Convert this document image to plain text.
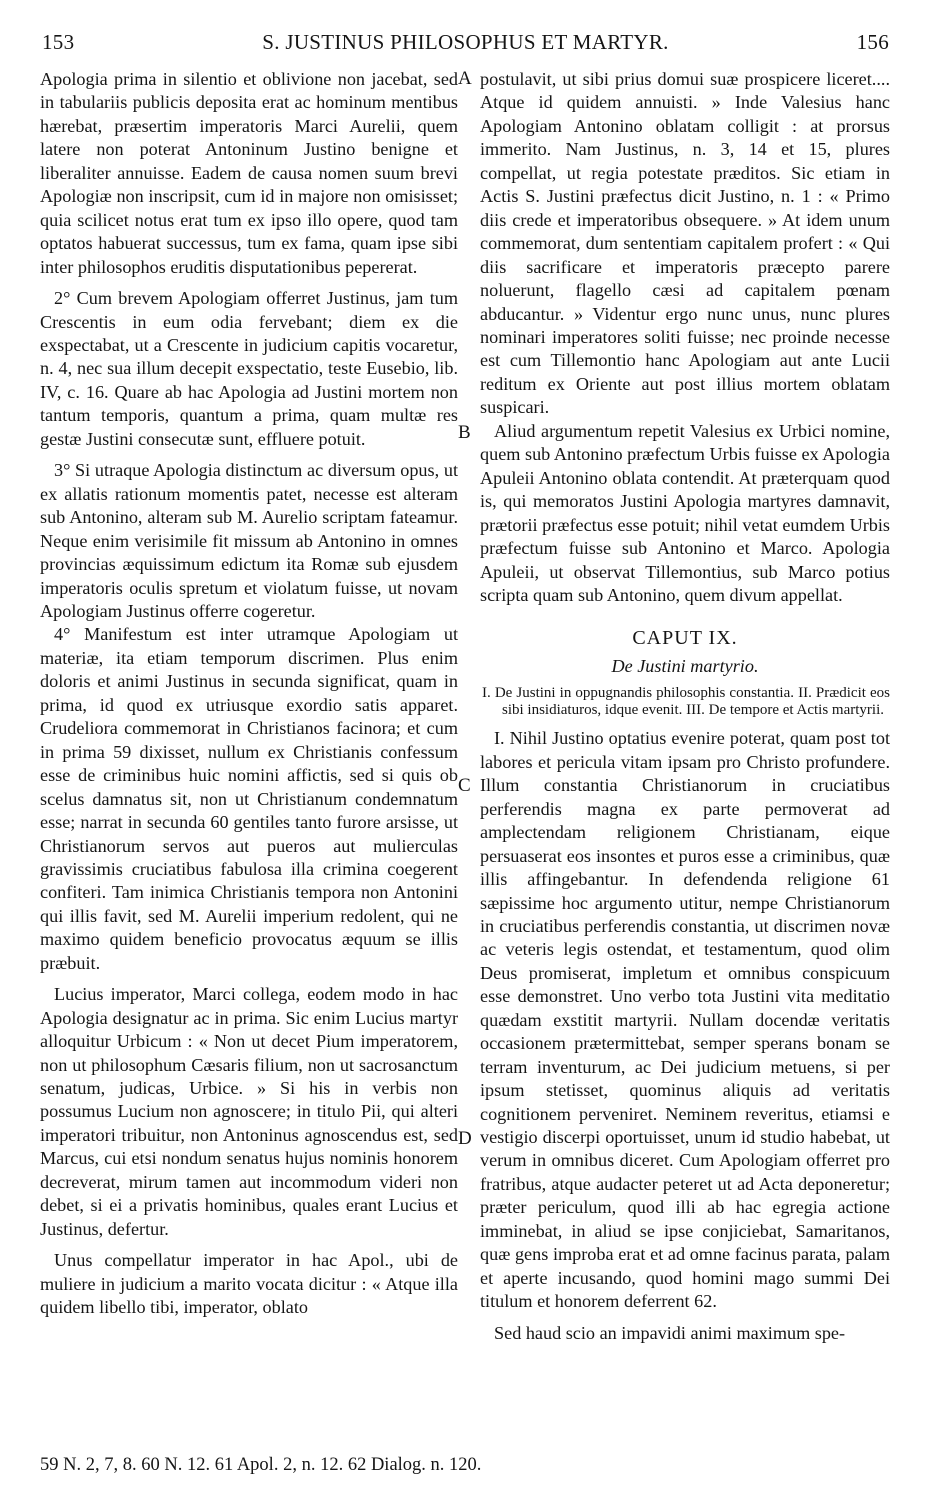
153	S. JUSTINUS PHILOSOPHUS ET MARTYR.	156

Apologia prima in silentio et oblivione non jacebat, sed in tabulariis publicis deposita erat ac hominum mentibus hærebat, præsertim imperatoris Marci Aurelii, quem latere non poterat Antoninum Justino benigne et liberaliter annuisse. Eadem de causa nomen suum brevi Apologiæ non inscripsit, cum id in majore non omisisset; quia scilicet notus erat tum ex ipso illo opere, quod tam optatos habuerat successus, tum ex fama, quam ipse sibi inter philosophos eruditis disputationibus pepererat.

2° Cum brevem Apologiam offerret Justinus, jam tum Crescentis in eum odia fervebant; diem ex die exspectabat, ut a Crescente in judicium capitis vocaretur, n. 4, nec sua illum decepit exspectatio, teste Eusebio, lib. IV, c. 16. Quare ab hac Apologia ad Justini mortem non tantum temporis, quantum a prima, quam multæ res gestæ Justini consecutæ sunt, effluere potuit.

3° Si utraque Apologia distinctum ac diversum opus, ut ex allatis rationum momentis patet, necesse est alteram sub Antonino, alteram sub M. Aurelio scriptam fateamur. Neque enim verisimile fit missum ab Antonino in omnes provincias æquissimum edictum ita Romæ sub ejusdem imperatoris oculis spretum et violatum fuisse, ut novam Apologiam Justinus offerre cogeretur.

4° Manifestum est inter utramque Apologiam ut materiæ, ita etiam temporum discrimen. Plus enim doloris et animi Justinus in secunda significat, quam in prima, id quod ex utriusque exordio satis apparet. Crudeliora commemorat in Christianos facinora; et cum in prima 59 dixisset, nullum ex Christianis confessum esse de criminibus huic nomini affictis, sed si quis ob scelus damnatus sit, non ut Christianum condemnatum esse; narrat in secunda 60 gentiles tanto furore arsisse, ut Christianorum servos aut pueros aut mulierculas gravissimis cruciatibus fabulosa illa crimina coegerent confiteri. Tam inimica Christianis tempora non Antonini qui illis favit, sed M. Aurelii imperium redolent, qui ne maximo quidem beneficio provocatus æquum se illis præbuit.

Lucius imperator, Marci collega, eodem modo in hac Apologia designatur ac in prima. Sic enim Lucius martyr alloquitur Urbicum : « Non ut decet Pium imperatorem, non ut philosophum Cæsaris filium, non ut sacrosanctum senatum, judicas, Urbice. » Si his in verbis non possumus Lucium non agnoscere; in titulo Pii, qui alteri imperatori tribuitur, non Antoninus agnoscendus est, sed Marcus, cui etsi nondum senatus hujus nominis honorem decreverat, mirum tamen aut incommodum videri non debet, si ei a privatis hominibus, quales erant Lucius et Justinus, defertur.

Unus compellatur imperator in hac Apol., ubi de muliere in judicium a marito vocata dicitur : « Atque illa quidem libello tibi, imperator, oblato

A
B
C
D

postulavit, ut sibi prius domui suæ prospicere liceret.... Atque id quidem annuisti. » Inde Valesius hanc Apologiam Antonino oblatam colligit : at prorsus immerito. Nam Justinus, n. 3, 14 et 15, plures compellat, ut regia potestate præditos. Sic etiam in Actis S. Justini præfectus dicit Justino, n. 1 : « Primo diis crede et imperatoribus obsequere. » At idem unum commemorat, dum sententiam capitalem profert : « Qui diis sacrificare et imperatoris præcepto parere noluerunt, flagello cæsi ad capitalem pœnam abducantur. » Videntur ergo nunc unus, nunc plures nominari imperatores soliti fuisse; nec proinde necesse est cum Tillemontio hanc Apologiam aut ante Lucii reditum ex Oriente aut post illius mortem oblatam suspicari.

Aliud argumentum repetit Valesius ex Urbici nomine, quem sub Antonino præfectum Urbis fuisse ex Apologia Apuleii Antonino oblata contendit. At præterquam quod is, qui memoratos Justini Apologia martyres damnavit, prætorii præfectus esse potuit; nihil vetat eumdem Urbis præfectum fuisse sub Antonino et Marco. Apologia Apuleii, ut observat Tillemontius, sub Marco potius scripta quam sub Antonino, quem divum appellat.

CAPUT IX.

De Justini martyrio.

I. De Justini in oppugnandis philosophis constantia. II. Prædicit eos sibi insidiaturos, idque evenit. III. De tempore et Actis martyrii.

I. Nihil Justino optatius evenire poterat, quam post tot labores et pericula vitam ipsam pro Christo profundere. Illum constantia Christianorum in cruciatibus perferendis magna ex parte permoverat ad amplectendam religionem Christianam, eique persuaserat eos insontes et puros esse a criminibus, quæ illis affingebantur. In defendenda religione 61 sæpissime hoc argumento utitur, nempe Christianorum in cruciatibus perferendis constantia, ut discrimen novæ ac veteris legis ostendat, et testamentum, quod olim Deus promiserat, impletum et omnibus conspicuum esse demonstret. Uno verbo tota Justini vita meditatio quædam exstitit martyrii. Nullam docendæ veritatis occasionem prætermittebat, semper sperans bonam se terram inventurum, ac Dei judicium metuens, si per ipsum stetisset, quominus aliquis ad veritatis cognitionem perveniret. Neminem reveritus, etiamsi e vestigio discerpi oportuisset, unum id studio habebat, ut verum in omnibus diceret. Cum Apologiam offerret pro fratribus, atque audacter peteret ut ad Acta deponeretur; præter periculum, quod illi ab hac egregia actione imminebat, in aliud se ipse conjiciebat, Samaritanos, quæ gens improba erat et ad omne facinus parata, palam et aperte incusando, quod homini mago summi Dei titulum et honorem deferrent 62.

Sed haud scio an impavidi animi maximum spe-

59 N. 2, 7, 8. 60 N. 12. 61 Apol. 2, n. 12. 62 Dialog. n. 120.
